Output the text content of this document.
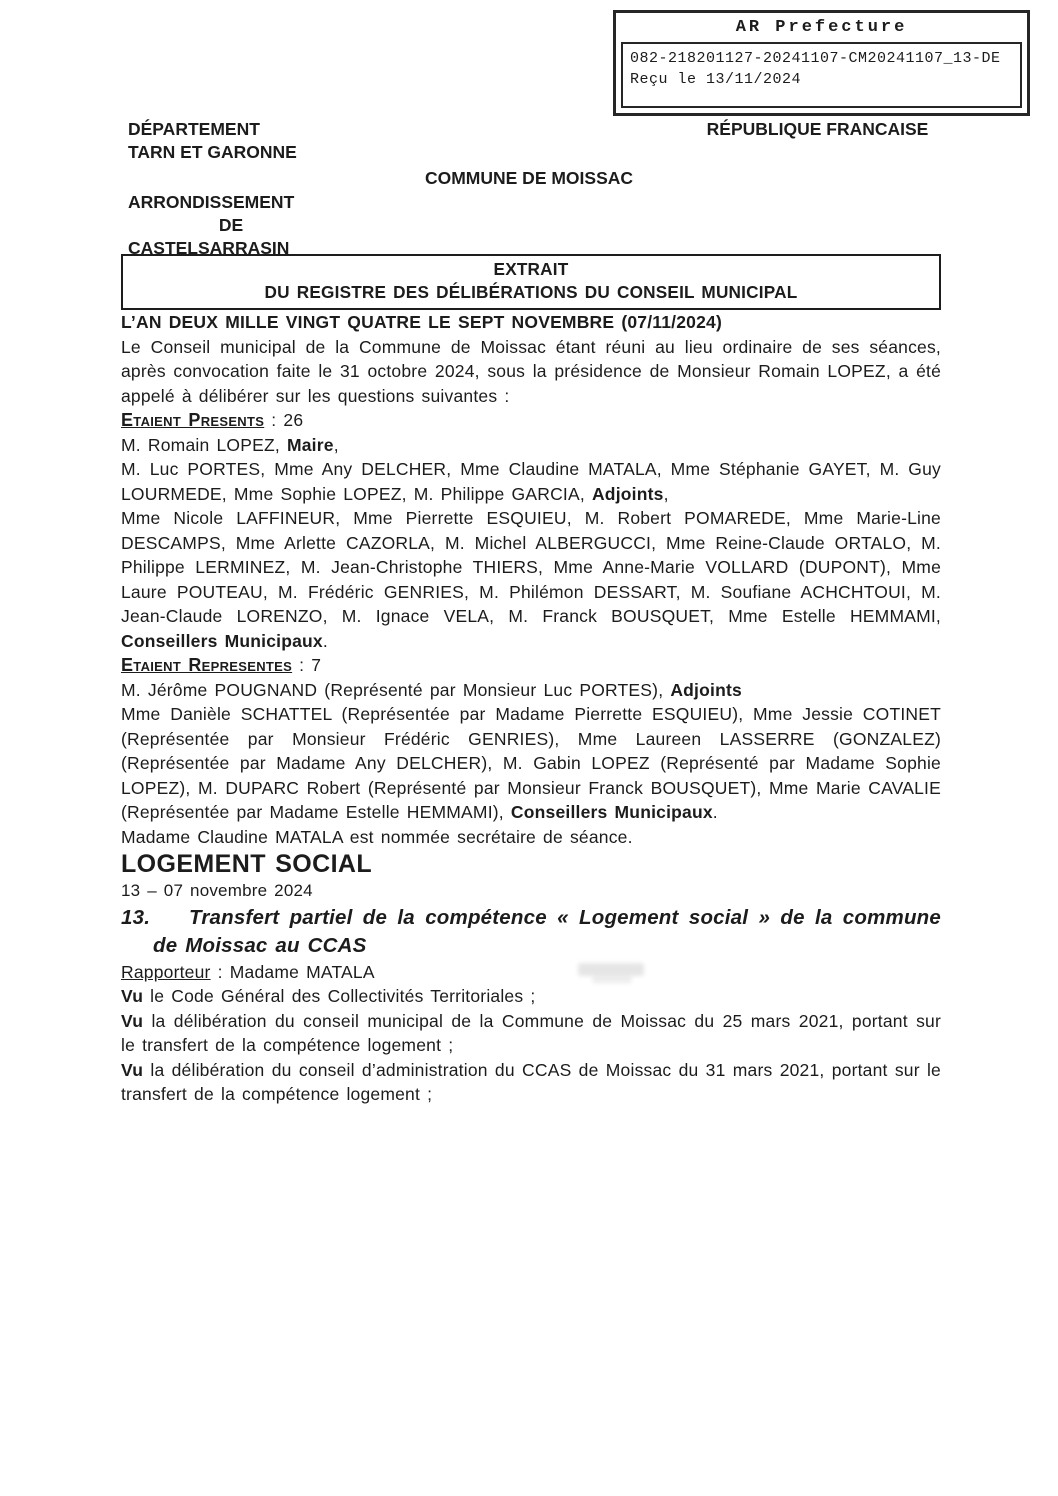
AR Prefecture
082-218201127-20241107-CM20241107_13-DE
Reçu le 13/11/2024
DÉPARTEMENT
TARN ET GARONNE
RÉPUBLIQUE FRANCAISE
COMMUNE DE MOISSAC
ARRONDISSEMENT
DE
CASTELSARRASIN
EXTRAIT
DU REGISTRE DES DÉLIBÉRATIONS DU CONSEIL MUNICIPAL

L’AN DEUX MILLE VINGT QUATRE LE SEPT NOVEMBRE (07/11/2024)

Le Conseil municipal de la Commune de Moissac étant réuni au lieu ordinaire de ses séances, après convocation faite le 31 octobre 2024, sous la présidence de Monsieur Romain LOPEZ, a été appelé à délibérer sur les questions suivantes :

Etaient Presents : 26

M. Romain LOPEZ, Maire,

M. Luc PORTES, Mme Any DELCHER, Mme Claudine MATALA, Mme Stéphanie GAYET, M. Guy LOURMEDE, Mme Sophie LOPEZ, M. Philippe GARCIA, Adjoints,

Mme Nicole LAFFINEUR, Mme Pierrette ESQUIEU, M. Robert POMAREDE, Mme Marie-Line DESCAMPS, Mme Arlette CAZORLA, M. Michel ALBERGUCCI, Mme Reine-Claude ORTALO, M. Philippe LERMINEZ, M. Jean-Christophe THIERS, Mme Anne-Marie VOLLARD (DUPONT), Mme Laure POUTEAU, M. Frédéric GENRIES, M. Philémon DESSART, M. Soufiane ACHCHTOUI, M. Jean-Claude LORENZO, M. Ignace VELA, M. Franck BOUSQUET, Mme Estelle HEMMAMI, Conseillers Municipaux.

Etaient Representes : 7

M. Jérôme POUGNAND (Représenté par Monsieur Luc PORTES), Adjoints

Mme Danièle SCHATTEL (Représentée par Madame Pierrette ESQUIEU), Mme Jessie COTINET (Représentée par Monsieur Frédéric GENRIES), Mme Laureen LASSERRE (GONZALEZ) (Représentée par Madame Any DELCHER), M. Gabin LOPEZ (Représenté par Madame Sophie LOPEZ), M. DUPARC Robert (Représenté par Monsieur Franck BOUSQUET), Mme Marie CAVALIE (Représentée par Madame Estelle HEMMAMI), Conseillers Municipaux.

Madame Claudine MATALA est nommée secrétaire de séance.

LOGEMENT SOCIAL

13 – 07 novembre 2024

13. Transfert partiel de la compétence « Logement social » de la commune de Moissac au CCAS

Rapporteur : Madame MATALA

Vu le Code Général des Collectivités Territoriales ;

Vu la délibération du conseil municipal de la Commune de Moissac du 25 mars 2021, portant sur le transfert de la compétence logement ;

Vu la délibération du conseil d’administration du CCAS de Moissac du 31 mars 2021, portant sur le transfert de la compétence logement ;
